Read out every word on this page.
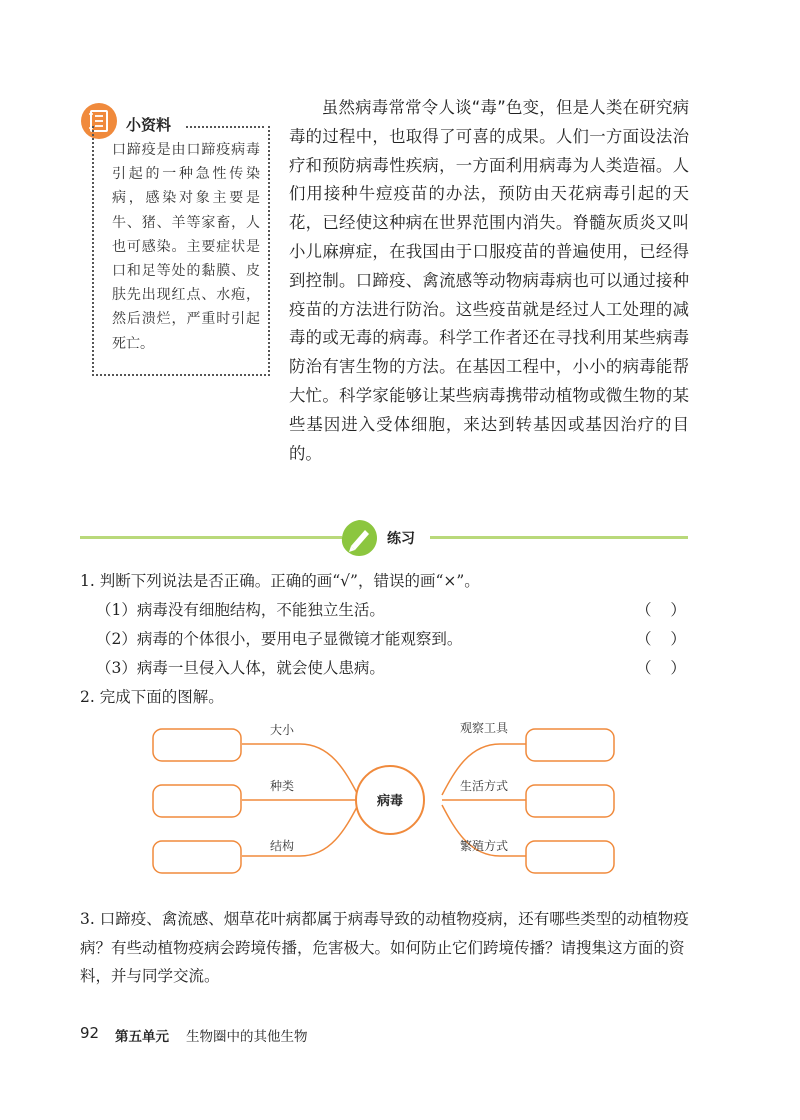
小资料
口蹄疫是由口蹄疫病毒引起的一种急性传染病，感染对象主要是牛、猪、羊等家畜，人也可感染。主要症状是口和足等处的黏膜、皮肤先出现红点、水疱，然后溃烂，严重时引起死亡。
虽然病毒常常令人谈“毒”色变，但是人类在研究病毒的过程中，也取得了可喜的成果。人们一方面设法治疗和预防病毒性疾病，一方面利用病毒为人类造福。人们用接种牛痘疫苗的办法，预防由天花病毒引起的天花，已经使这种病在世界范围内消失。脊髓灰质炎又叫小儿麻痹症，在我国由于口服疫苗的普遍使用，已经得到控制。口蹄疫、禽流感等动物病毒病也可以通过接种疫苗的方法进行防治。这些疫苗就是经过人工处理的减毒的或无毒的病毒。科学工作者还在寻找利用某些病毒防治有害生物的方法。在基因工程中，小小的病毒能帮大忙。科学家能够让某些病毒携带动植物或微生物的某些基因进入受体细胞，来达到转基因或基因治疗的目的。
练习
1. 判断下列说法是否正确。正确的画“√”，错误的画“×”。
（1）病毒没有细胞结构，不能独立生活。	（ ）
（2）病毒的个体很小，要用电子显微镜才能观察到。	（ ）
（3）病毒一旦侵入人体，就会使人患病。	（ ）
2. 完成下面的图解。
病毒
大小
种类
结构
观察工具
生活方式
繁殖方式
3. 口蹄疫、禽流感、烟草花叶病都属于病毒导致的动植物疫病，还有哪些类型的动植物疫病？有些动植物疫病会跨境传播，危害极大。如何防止它们跨境传播？请搜集这方面的资料，并与同学交流。
92 第五单元 生物圈中的其他生物
